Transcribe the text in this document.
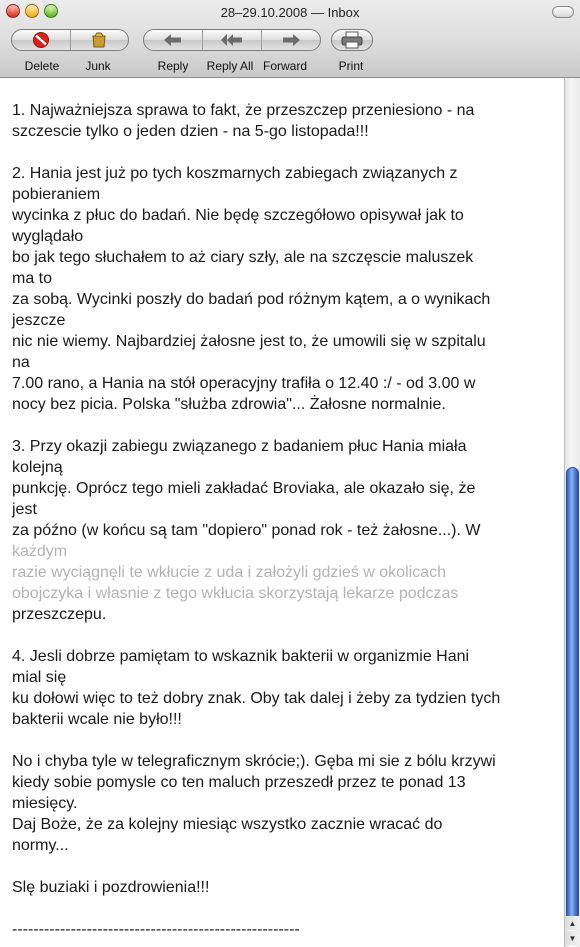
28–29.10.2008 — Inbox
Delete	Junk	Reply	Reply All Forward	Print
1. Najważniejsza sprawa to fakt, że przeszczep przeniesiono - na
szczescie tylko o jeden dzien - na 5-go listopada!!!
2. Hania jest już po tych koszmarnych zabiegach związanych z
pobieraniem
wycinka z płuc do badań. Nie będę szczegółowo opisywał jak to
wyglądało
bo jak tego słuchałem to aż ciary szły, ale na szczęscie maluszek
ma to
za sobą. Wycinki poszły do badań pod różnym kątem, a o wynikach
jeszcze
nic nie wiemy. Najbardziej żałosne jest to, że umowili się w szpitalu
na
7.00 rano, a Hania na stół operacyjny trafiła o 12.40 :/ - od 3.00 w
nocy bez picia. Polska "służba zdrowia"... Żałosne normalnie.
3. Przy okazji zabiegu związanego z badaniem płuc Hania miała
kolejną
punkcję. Oprócz tego mieli zakładać Broviaka, ale okazało się, że
jest
za późno (w końcu są tam "dopiero" ponad rok - też żałosne...). W
każdym
razie wyciągnęli te wkłucie z uda i założyli gdzieś w okolicach
obojczyka i własnie z tego wkłucia skorzystają lekarze podczas
przeszczepu.
4. Jesli dobrze pamiętam to wskaznik bakterii w organizmie Hani
mial się
ku dołowi więc to też dobry znak. Oby tak dalej i żeby za tydzien tych
bakterii wcale nie było!!!
No i chyba tyle w telegraficznym skrócie;). Gęba mi sie z bólu krzywi
kiedy sobie pomysle co ten maluch przeszedł przez te ponad 13
miesięcy.
Daj Boże, że za kolejny miesiąc wszystko zacznie wracać do
normy...
Slę buziaki i pozdrowienia!!!
------------------------------------------------------	▲
▼
